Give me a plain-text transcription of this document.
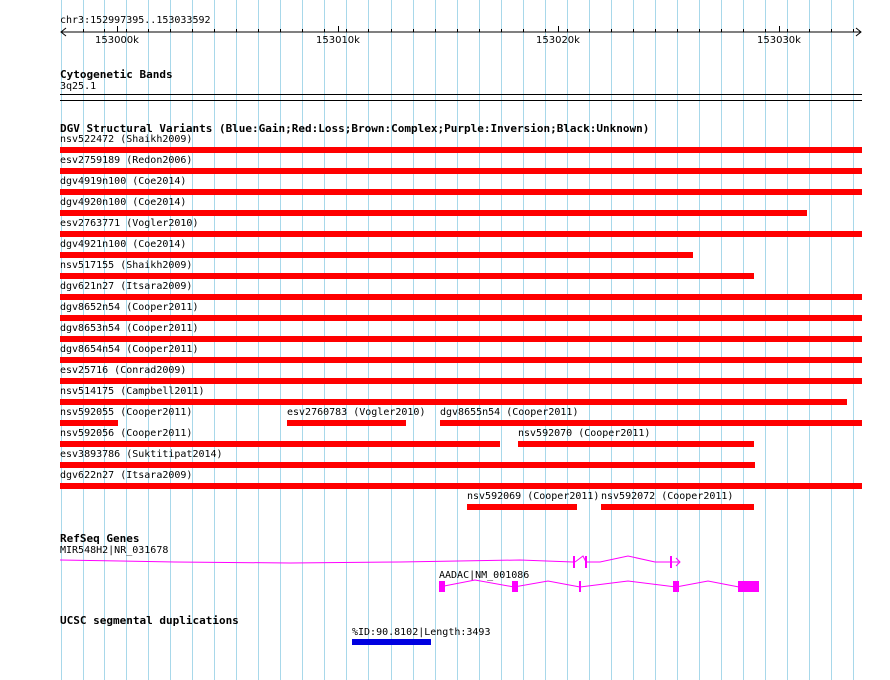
chr3:152997395..153033592
153000k	153010k	153020k	153030k
Cytogenetic Bands
3q25.1
DGV Structural Variants (Blue:Gain;Red:Loss;Brown:Complex;Purple:Inversion;Black:Unknown)
nsv522472 (Shaikh2009)
esv2759189 (Redon2006)
dgv4919n100 (Coe2014)
dgv4920n100 (Coe2014)
esv2763771 (Vogler2010)
dgv4921n100 (Coe2014)
nsv517155 (Shaikh2009)
dgv621n27 (Itsara2009)
dgv8652n54 (Cooper2011)
dgv8653n54 (Cooper2011)
dgv8654n54 (Cooper2011)
esv25716 (Conrad2009)
nsv514175 (Campbell2011)
nsv592055 (Cooper2011)	esv2760783 (Vogler2010) dgv8655n54 (Cooper2011)
nsv592056 (Cooper2011)	nsv592070 (Cooper2011)
esv3893786 (Suktitipat2014)
dgv622n27 (Itsara2009)
nsv592069 (Cooper2011) nsv592072 (Cooper2011)
RefSeq Genes
MIR548H2|NR_031678
AADAC|NM_001086
UCSC segmental duplications
%ID:90.8102|Length:3493
